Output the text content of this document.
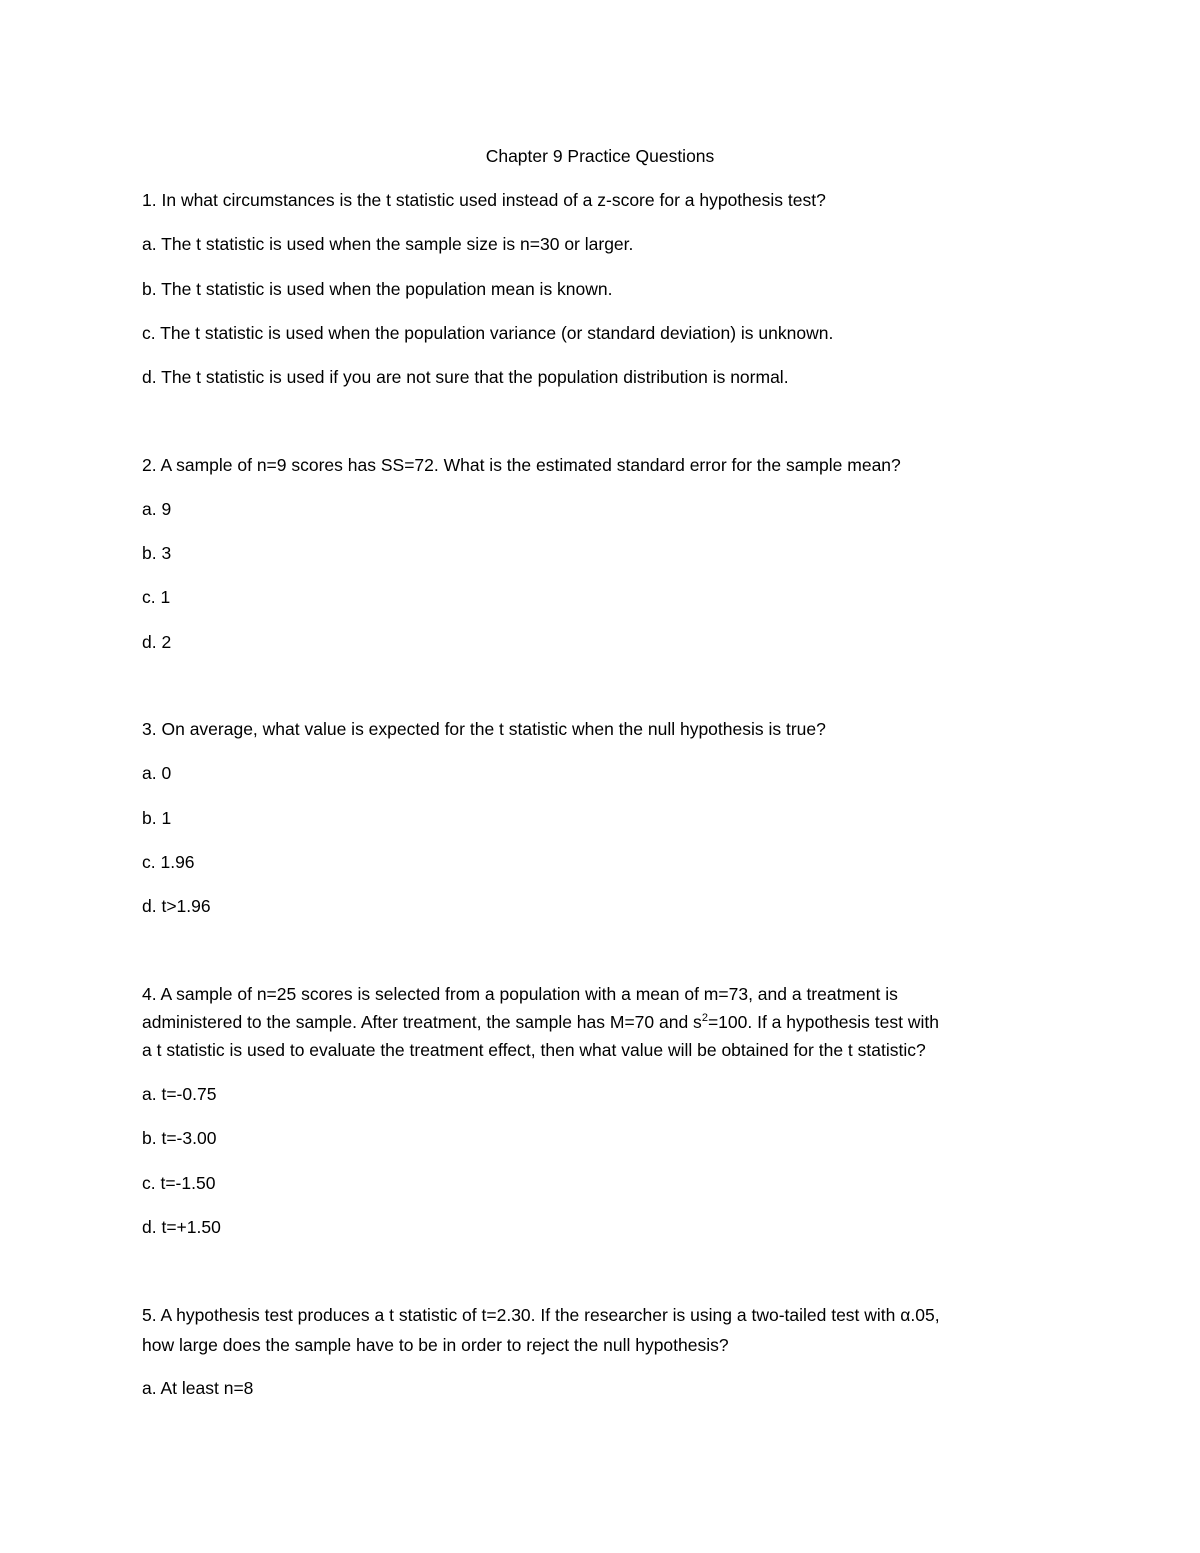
Chapter 9 Practice Questions

1. In what circumstances is the t statistic used instead of a z-score for a hypothesis test?

a. The t statistic is used when the sample size is n=30 or larger.

b. The t statistic is used when the population mean is known.

c. The t statistic is used when the population variance (or standard deviation) is unknown.

d. The t statistic is used if you are not sure that the population distribution is normal.

2. A sample of n=9 scores has SS=72. What is the estimated standard error for the sample mean?

a. 9

b. 3

c. 1

d. 2

3. On average, what value is expected for the t statistic when the null hypothesis is true?

a. 0

b. 1

c. 1.96

d. t>1.96

4. A sample of n=25 scores is selected from a population with a mean of m=73, and a treatment is

administered to the sample. After treatment, the sample has M=70 and $s^2=100$. If a hypothesis test with

a t statistic is used to evaluate the treatment effect, then what value will be obtained for the t statistic?

a. t=-0.75

b. t=-3.00

c. t=-1.50

d. t=+1.50

5. A hypothesis test produces a t statistic of t=2.30. If the researcher is using a two-tailed test with α.05,

how large does the sample have to be in order to reject the null hypothesis?

a. At least n=8
